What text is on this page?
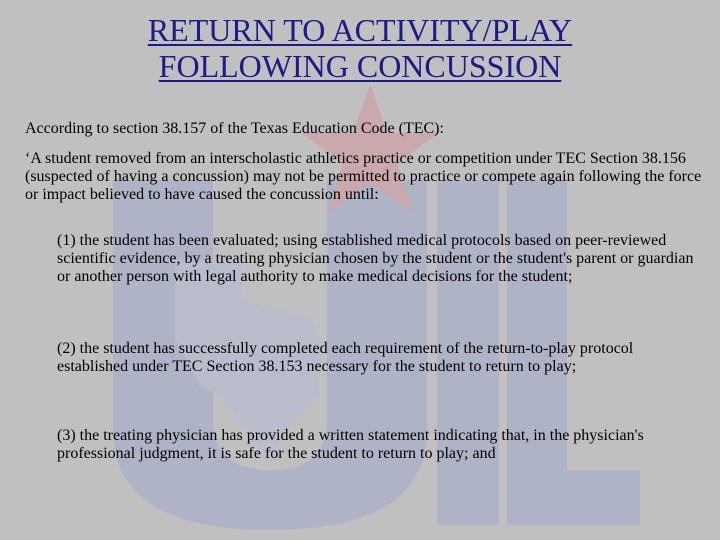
RETURN TO ACTIVITY/PLAY
FOLLOWING CONCUSSION

According to section 38.157 of the Texas Education Code (TEC):

‘A student removed from an interscholastic athletics practice or competition under TEC Section 38.156 (suspected of having a concussion) may not be permitted to practice or compete again following the force or impact believed to have caused the concussion until:

(1) the student has been evaluated; using established medical protocols based on peer-reviewed scientific evidence, by a treating physician chosen by the student or the student's parent or guardian or another person with legal authority to make medical decisions for the student;

(2) the student has successfully completed each requirement of the return-to-play protocol established under TEC Section 38.153 necessary for the student to return to play;

(3) the treating physician has provided a written statement indicating that, in the physician's professional judgment, it is safe for the student to return to play; and
